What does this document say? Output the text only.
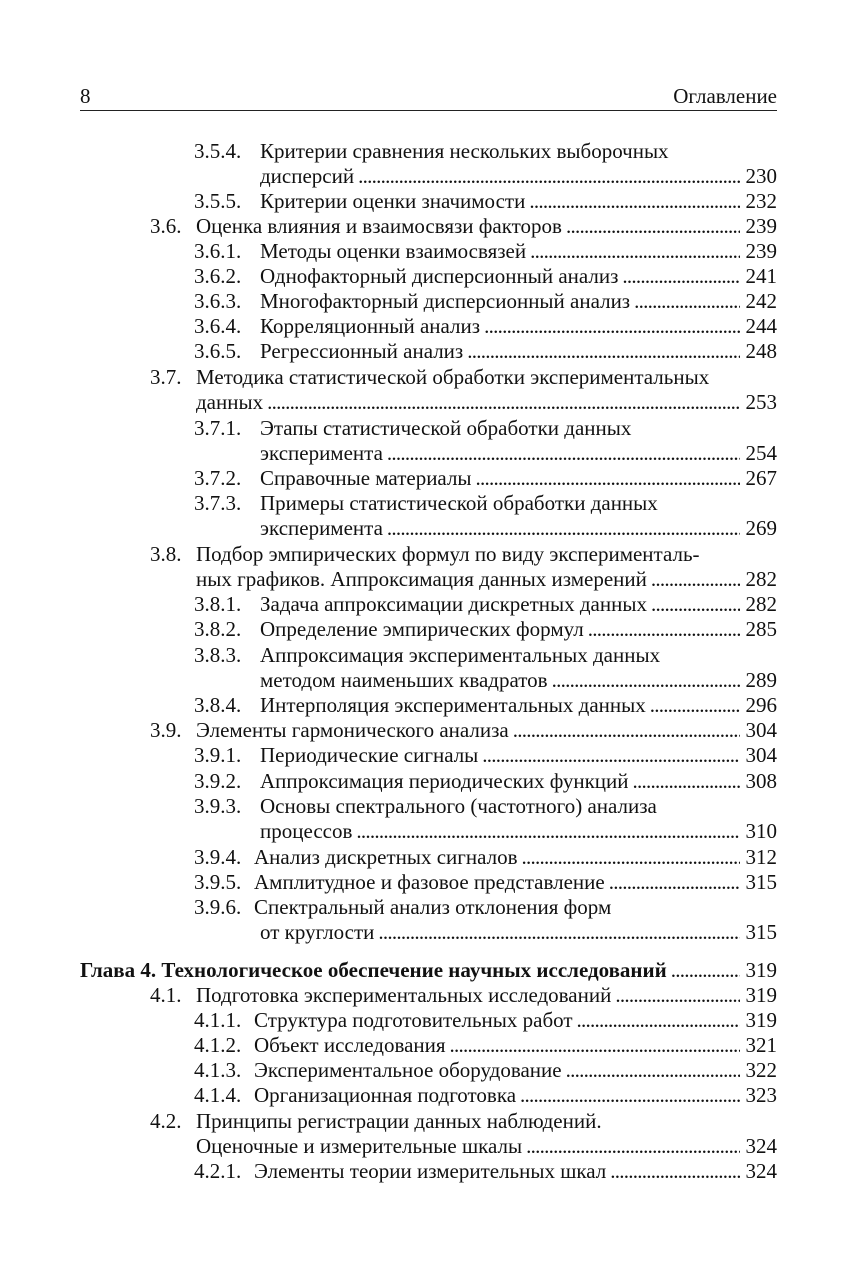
8	Оглавление
3.5.4. Критерии сравнения нескольких выборочных
дисперсий . . .	230
3.5.5. Критерии оценки значимости . . .	232
3.6. Оценка влияния и взаимосвязи факторов . . .	239
3.6.1. Методы оценки взаимосвязей . . .	239
3.6.2. Однофакторный дисперсионный анализ . . .	241
3.6.3. Многофакторный дисперсионный анализ . . .	242
3.6.4. Корреляционный анализ . . .	244
3.6.5. Регрессионный анализ . . .	248
3.7. Методика статистической обработки экспериментальных
данных . . .	253
3.7.1. Этапы статистической обработки данных
эксперимента . . .	254
3.7.2. Справочные материалы . . .	267
3.7.3. Примеры статистической обработки данных
эксперимента . . .	269
3.8. Подбор эмпирических формул по виду эксперименталь-
ных графиков. Аппроксимация данных измерений . . .	282
3.8.1. Задача аппроксимации дискретных данных . . .	282
3.8.2. Определение эмпирических формул . . .	285
3.8.3. Аппроксимация экспериментальных данных
методом наименьших квадратов . . .	289
3.8.4. Интерполяция экспериментальных данных . . .	296
3.9. Элементы гармонического анализа . . .	304
3.9.1. Периодические сигналы . . .	304
3.9.2. Аппроксимация периодических функций . . .	308
3.9.3. Основы спектрального (частотного) анализа
процессов . . .	310
3.9.4. Анализ дискретных сигналов . . .	312
3.9.5. Амплитудное и фазовое представление . . .	315
3.9.6. Спектральный анализ отклонения форм
от круглости . . .	315
Глава 4. Технологическое обеспечение научных исследований . . .	319
4.1. Подготовка экспериментальных исследований . . .	319
4.1.1. Структура подготовительных работ . . .	319
4.1.2. Объект исследования . . .	321
4.1.3. Экспериментальное оборудование . . .	322
4.1.4. Организационная подготовка . . .	323
4.2. Принципы регистрации данных наблюдений.
Оценочные и измерительные шкалы . . .	324
4.2.1. Элементы теории измерительных шкал . . .	324
